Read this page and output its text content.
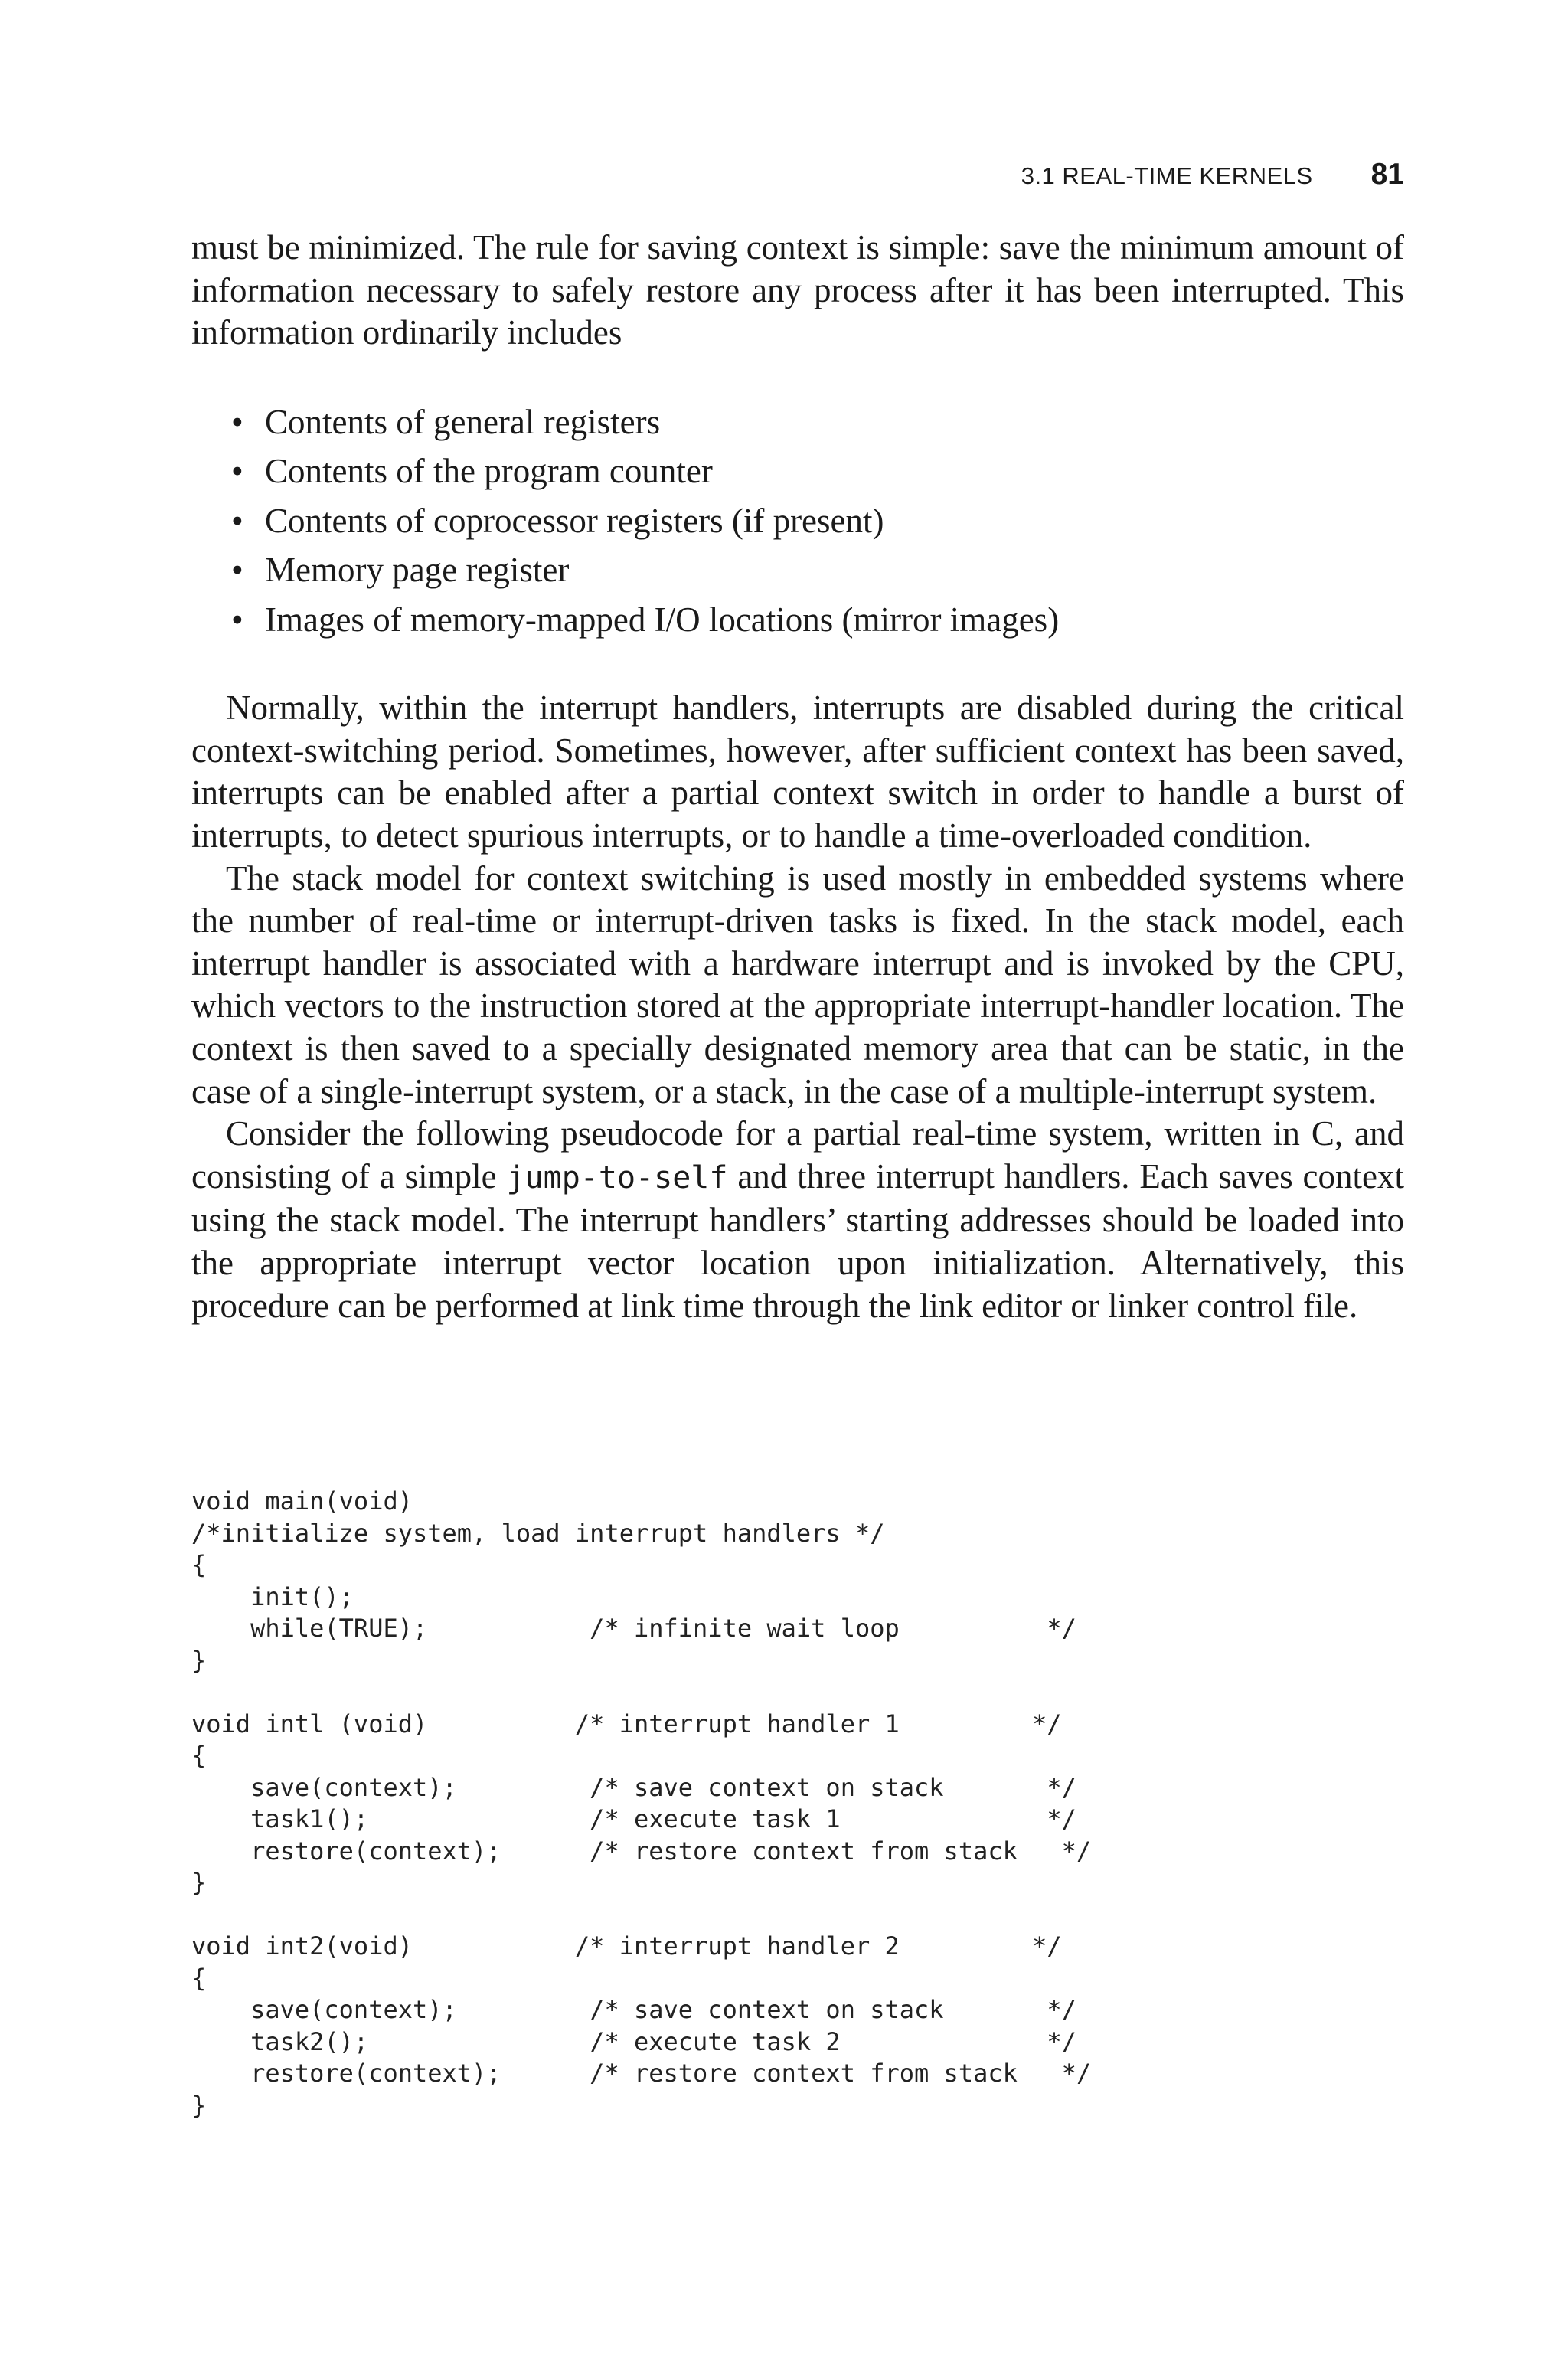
3.1 REAL-TIME KERNELS 81

must be minimized. The rule for saving context is simple: save the minimum amount of information necessary to safely restore any process after it has been interrupted. This information ordinarily includes

• Contents of general registers
• Contents of the program counter
• Contents of coprocessor registers (if present)
• Memory page register
• Images of memory-mapped I/O locations (mirror images)

Normally, within the interrupt handlers, interrupts are disabled during the critical context-switching period. Sometimes, however, after sufficient context has been saved, interrupts can be enabled after a partial context switch in order to handle a burst of interrupts, to detect spurious interrupts, or to handle a time-overloaded condition.

The stack model for context switching is used mostly in embedded systems where the number of real-time or interrupt-driven tasks is fixed. In the stack model, each interrupt handler is associated with a hardware interrupt and is invoked by the CPU, which vectors to the instruction stored at the appropriate interrupt-handler location. The context is then saved to a specially designated memory area that can be static, in the case of a single-interrupt system, or a stack, in the case of a multiple-interrupt system.

Consider the following pseudocode for a partial real-time system, written in C, and consisting of a simple jump-to-self and three interrupt handlers. Each saves context using the stack model. The interrupt handlers’ starting addresses should be loaded into the appropriate interrupt vector location upon initialization. Alternatively, this procedure can be performed at link time through the link editor or linker control file.

void main(void)
/*initialize system, load interrupt handlers */
{
init();
while(TRUE);           /* infinite wait loop          */
}

void intl (void)          /* interrupt handler 1         */
{
save(context);         /* save context on stack       */
task1();               /* execute task 1              */
restore(context);      /* restore context from stack   */
}

void int2(void)           /* interrupt handler 2         */
{
save(context);         /* save context on stack       */
task2();               /* execute task 2              */
restore(context);      /* restore context from stack   */
}
